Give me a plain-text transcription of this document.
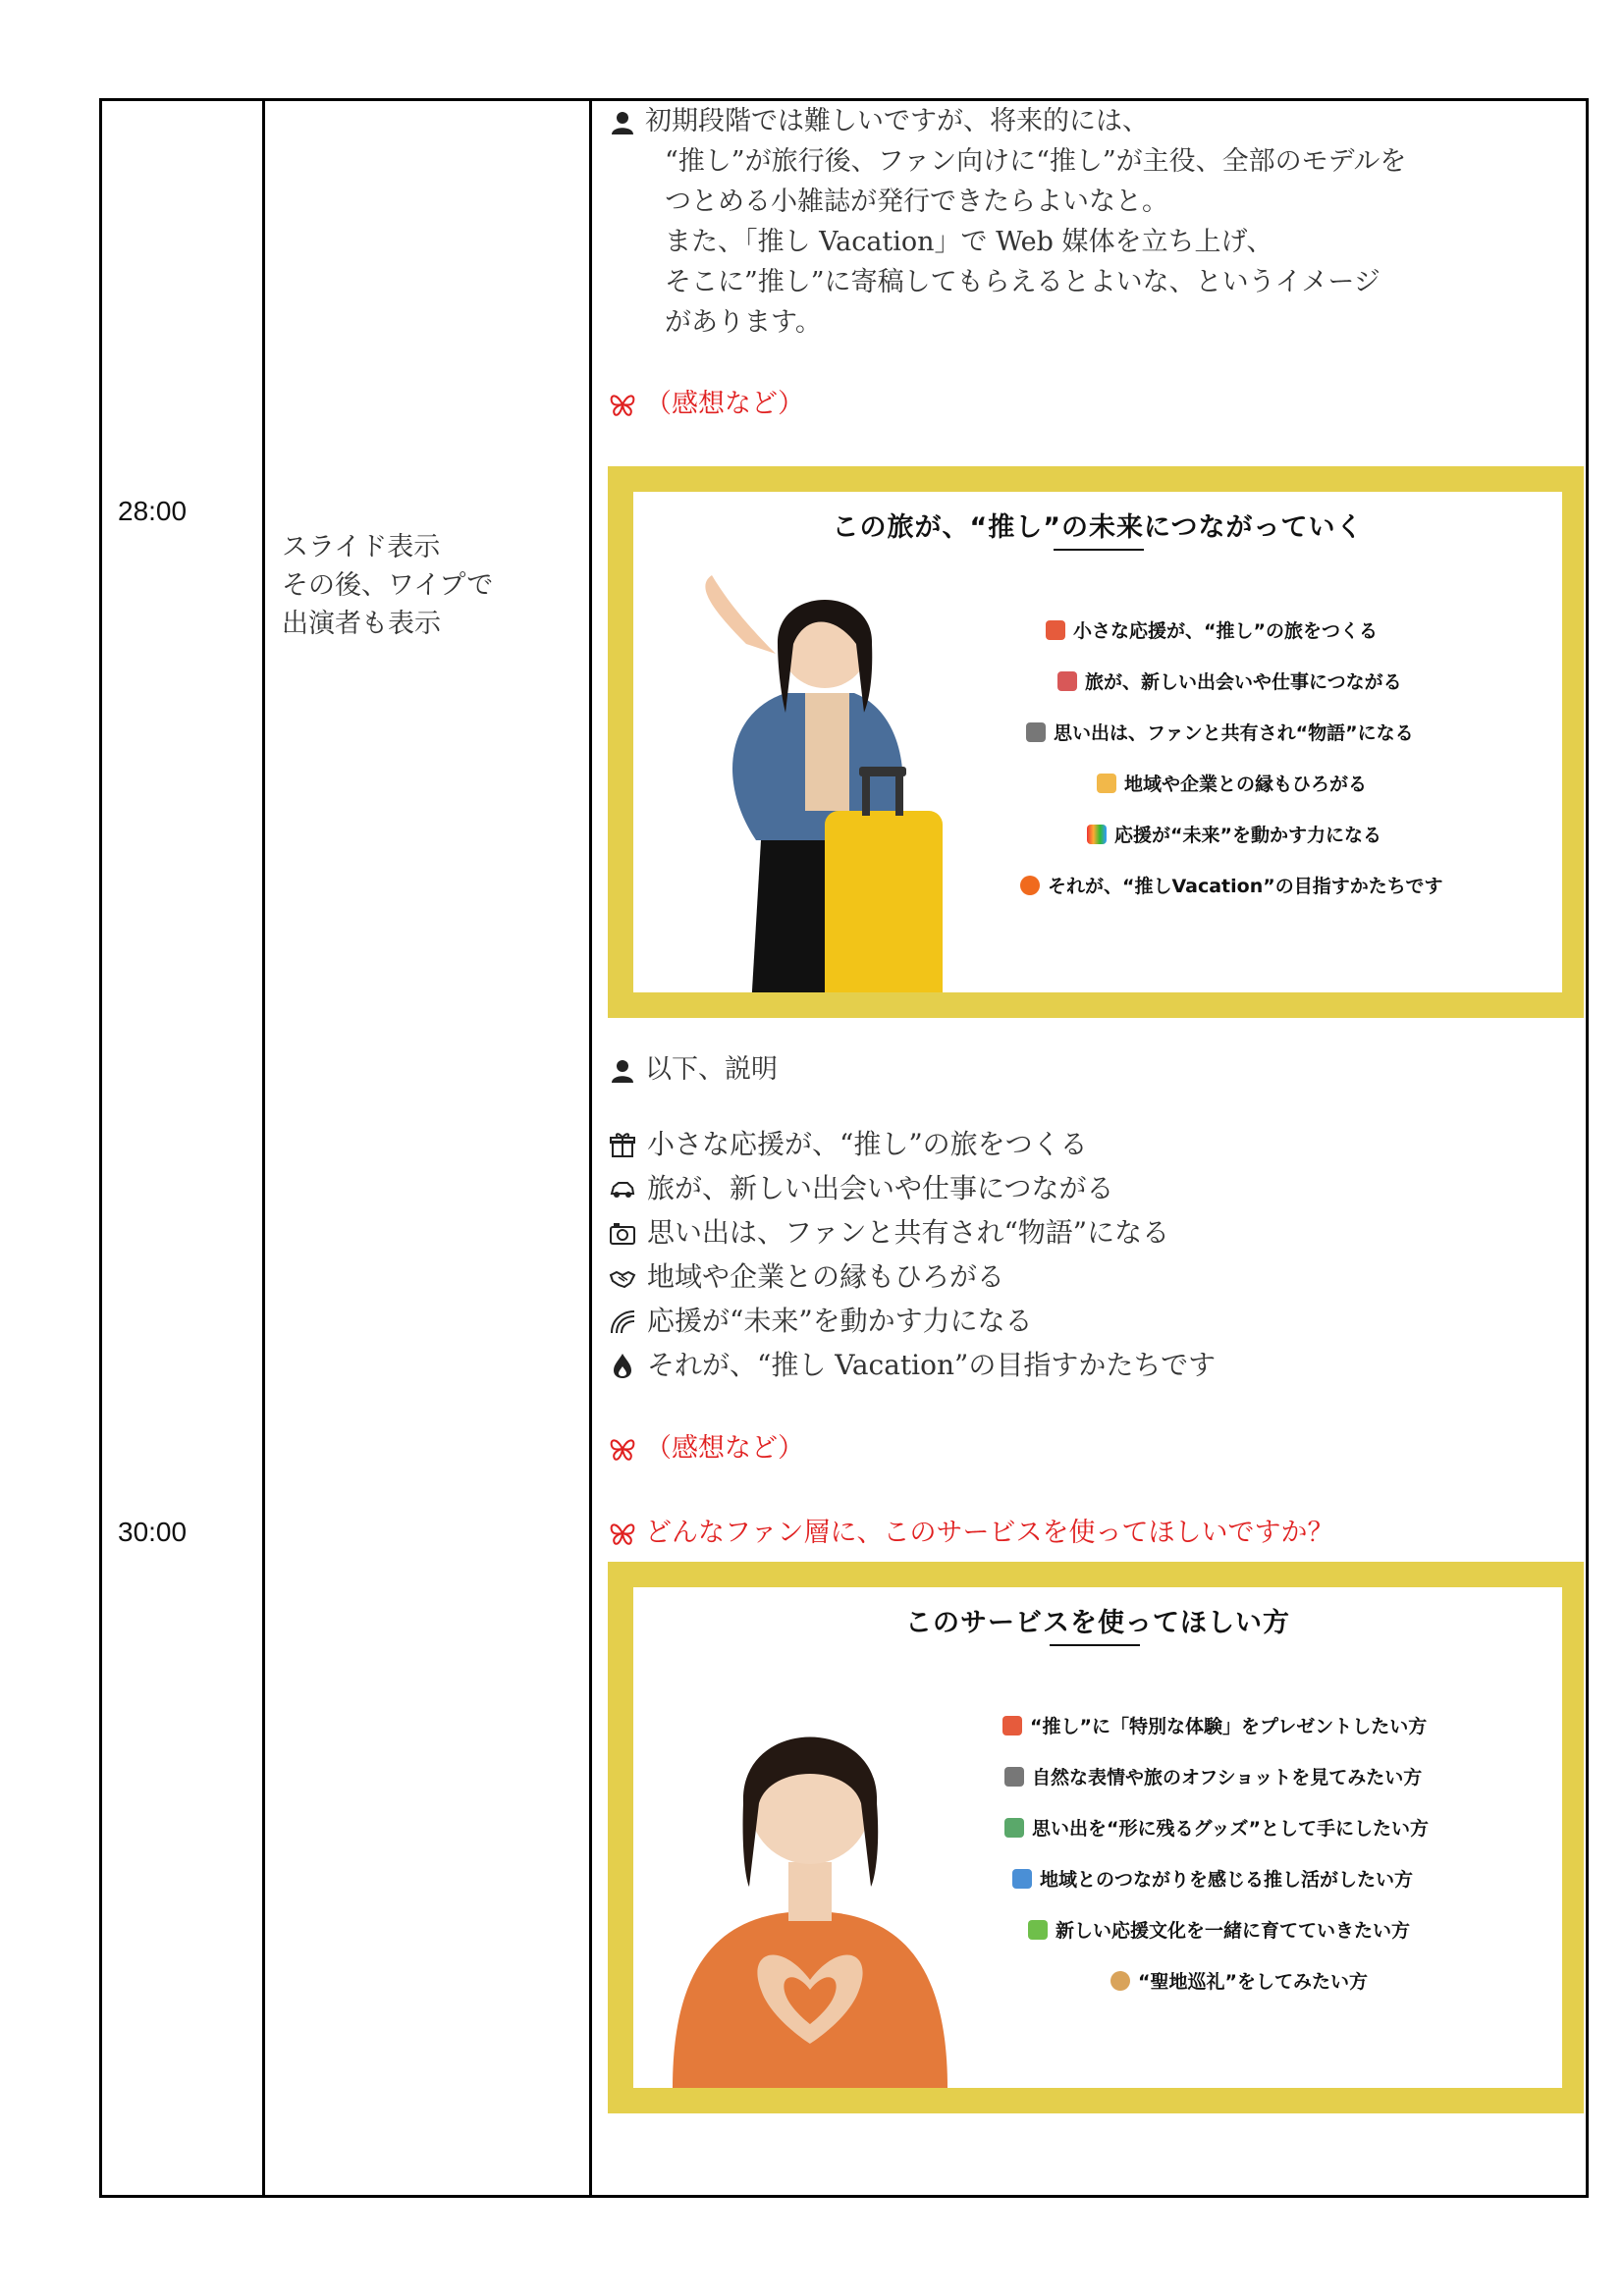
28:00
30:00
スライド表示
その後、ワイプで
出演者も表示
初期段階では難しいですが、将来的には、
“推し”が旅行後、ファン向けに“推し”が主役、全部のモデルを
つとめる小雑誌が発行できたらよいなと。
また、「推し Vacation」で Web 媒体を立ち上げ、
そこに”推し”に寄稿してもらえるとよいな、というイメージ
があります。
（感想など）
この旅が、“推し”の未来につながっていく
小さな応援が、“推し”の旅をつくる
旅が、新しい出会いや仕事につながる
思い出は、ファンと共有され“物語”になる
地域や企業との縁もひろがる
応援が“未来”を動かす力になる
それが、“推しVacation”の目指すかたちです
以下、説明
小さな応援が、“推し”の旅をつくる
旅が、新しい出会いや仕事につながる
思い出は、ファンと共有され“物語”になる
地域や企業との縁もひろがる
応援が“未来”を動かす力になる
それが、“推し Vacation”の目指すかたちです
（感想など）
どんなファン層に、このサービスを使ってほしいですか？
このサービスを使ってほしい方
“推し”に「特別な体験」をプレゼントしたい方
自然な表情や旅のオフショットを見てみたい方
思い出を“形に残るグッズ”として手にしたい方
地域とのつながりを感じる推し活がしたい方
新しい応援文化を一緒に育てていきたい方
“聖地巡礼”をしてみたい方
